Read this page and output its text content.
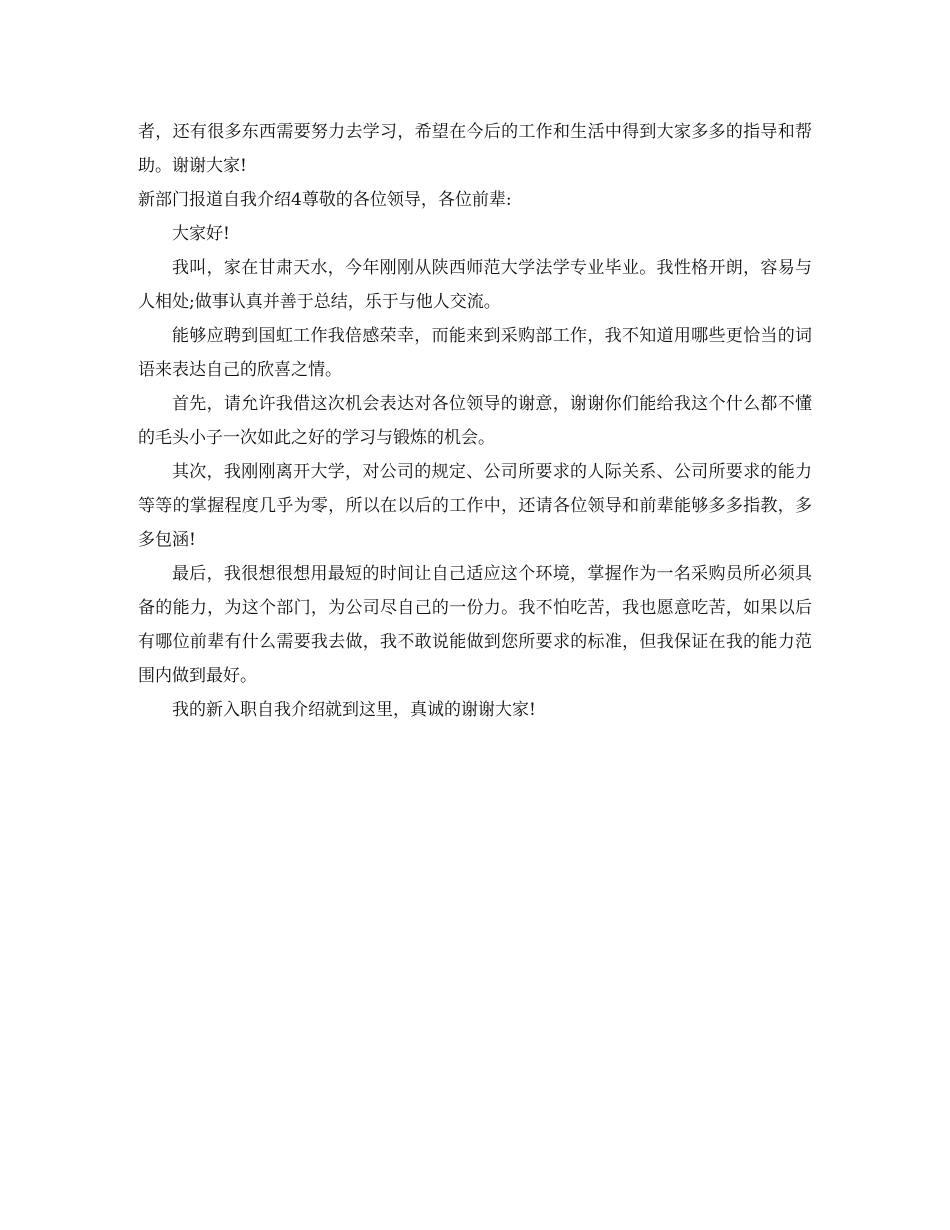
者，还有很多东西需要努力去学习，希望在今后的工作和生活中得到大家多多的指导和帮助。谢谢大家!

新部门报道自我介绍4尊敬的各位领导，各位前辈:

大家好!

我叫，家在甘肃天水，今年刚刚从陕西师范大学法学专业毕业。我性格开朗，容易与人相处;做事认真并善于总结，乐于与他人交流。

能够应聘到国虹工作我倍感荣幸，而能来到采购部工作，我不知道用哪些更恰当的词语来表达自己的欣喜之情。

首先，请允许我借这次机会表达对各位领导的谢意，谢谢你们能给我这个什么都不懂的毛头小子一次如此之好的学习与锻炼的机会。

其次，我刚刚离开大学，对公司的规定、公司所要求的人际关系、公司所要求的能力等等的掌握程度几乎为零，所以在以后的工作中，还请各位领导和前辈能够多多指教，多多包涵!

最后，我很想很想用最短的时间让自己适应这个环境，掌握作为一名采购员所必须具备的能力，为这个部门，为公司尽自己的一份力。我不怕吃苦，我也愿意吃苦，如果以后有哪位前辈有什么需要我去做，我不敢说能做到您所要求的标准，但我保证在我的能力范围内做到最好。

我的新入职自我介绍就到这里，真诚的谢谢大家!
